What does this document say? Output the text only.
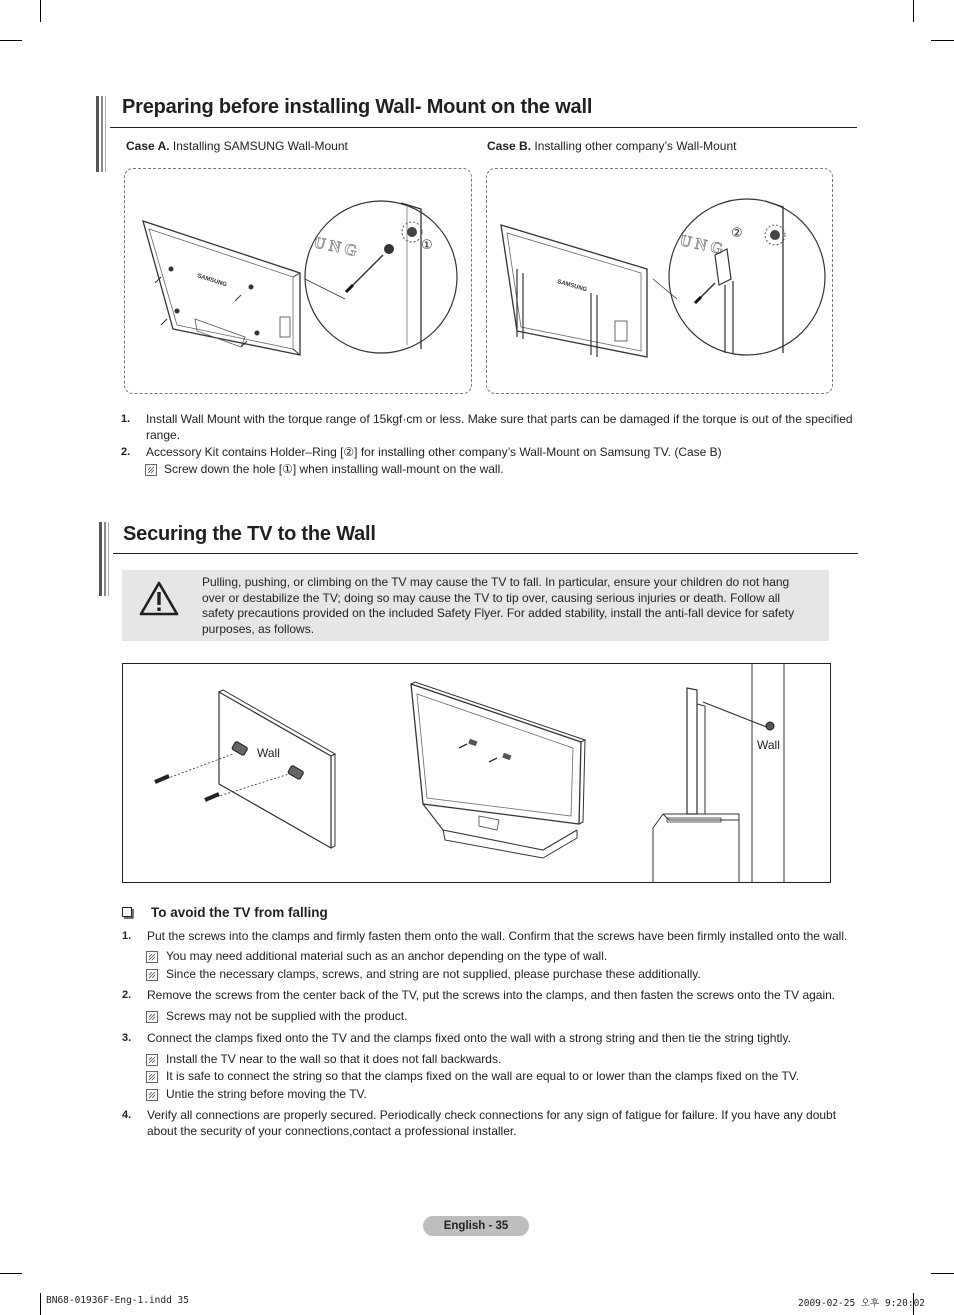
Preparing before installing Wall- Mount on the wall
Case A. Installing SAMSUNG Wall-Mount	Case B. Installing other company’s Wall-Mount
SAMSUNG
U N G	①
SAMSUNG
U N G ②
1. Install Wall Mount with the torque range of 15kgf·cm or less. Make sure that parts can be damaged if the torque is out of the specified range.
2. Accessory Kit contains Holder–Ring [②] for installing other company’s Wall-Mount on Samsung TV. (Case B)
Screw down the hole [①] when installing wall-mount on the wall.
Securing the TV to the Wall
Pulling, pushing, or climbing on the TV may cause the TV to fall. In particular, ensure your children do not hang over or destabilize the TV; doing so may cause the TV to tip over, causing serious injuries or death. Follow all safety precautions provided on the included Safety Flyer. For added stability, install the anti-fall device for safety purposes, as follows.
Wall
Wall
To avoid the TV from falling
1. Put the screws into the clamps and firmly fasten them onto the wall. Confirm that the screws have been firmly installed onto the wall.
You may need additional material such as an anchor depending on the type of wall.
Since the necessary clamps, screws, and string are not supplied, please purchase these additionally.
2. Remove the screws from the center back of the TV, put the screws into the clamps, and then fasten the screws onto the TV again.
Screws may not be supplied with the product.
3. Connect the clamps fixed onto the TV and the clamps fixed onto the wall with a strong string and then tie the string tightly.
Install the TV near to the wall so that it does not fall backwards.
It is safe to connect the string so that the clamps fixed on the wall are equal to or lower than the clamps fixed on the TV.
Untie the string before moving the TV.
4. Verify all connections are properly secured. Periodically check connections for any sign of fatigue for failure. If you have any doubt about the security of your connections,contact a professional installer.
English - 35
BN68-01936F-Eng-1.indd 35	2009-02-25 오후 9:20:02
